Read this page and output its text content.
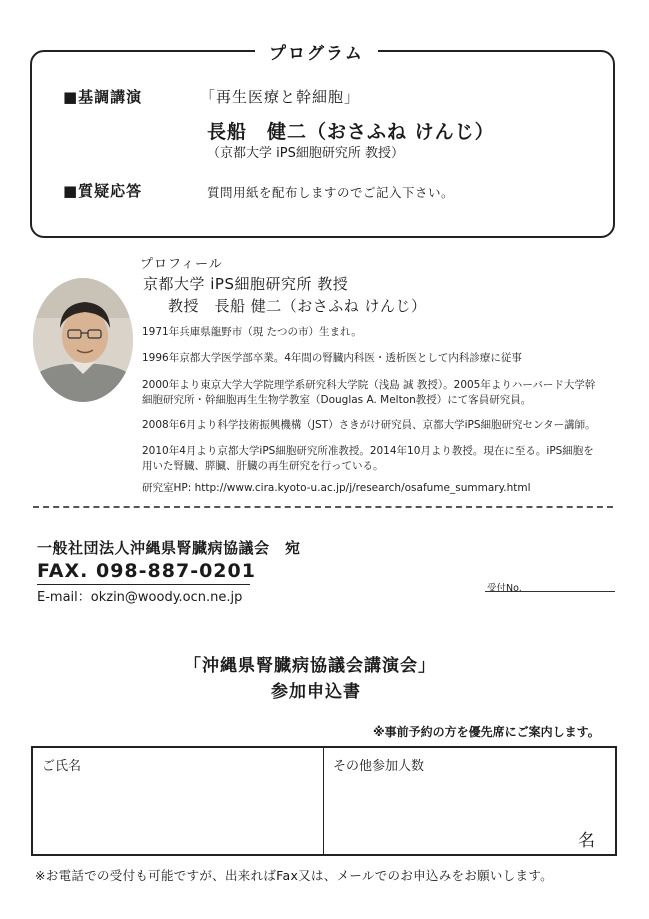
プログラム
■基調講演	「再生医療と幹細胞」
長船　健二（おさふね けんじ）
（京都大学 iPS細胞研究所 教授）
■質疑応答	質問用紙を配布しますのでご記入下さい。
プロフィール
京都大学 iPS細胞研究所 教授
教授　長船 健二（おさふね けんじ）
1971年兵庫県龍野市（現 たつの市）生まれ。
1996年京都大学医学部卒業。4年間の腎臓内科医・透析医として内科診療に従事
2000年より東京大学大学院理学系研究科大学院（浅島 誠 教授）。2005年よりハーバード大学幹
細胞研究所・幹細胞再生生物学教室（Douglas A. Melton教授）にて客員研究員。
2008年6月より科学技術振興機構（JST）さきがけ研究員、京都大学iPS細胞研究センター講師。
2010年4月より京都大学iPS細胞研究所准教授。2014年10月より教授。現在に至る。iPS細胞を
用いた腎臓、膵臓、肝臓の再生研究を行っている。
研究室HP: http://www.cira.kyoto-u.ac.jp/j/research/osafume_summary.html
一般社団法人沖縄県腎臓病協議会　宛
FAX. 098-887-0201
E-mail：okzin@woody.ocn.ne.jp
受付No.
「沖縄県腎臓病協議会講演会」
参加申込書
※事前予約の方を優先席にご案内します。
ご氏名	その他参加人数
名
※お電話での受付も可能ですが、出来ればFax又は、メールでのお申込みをお願いします。
